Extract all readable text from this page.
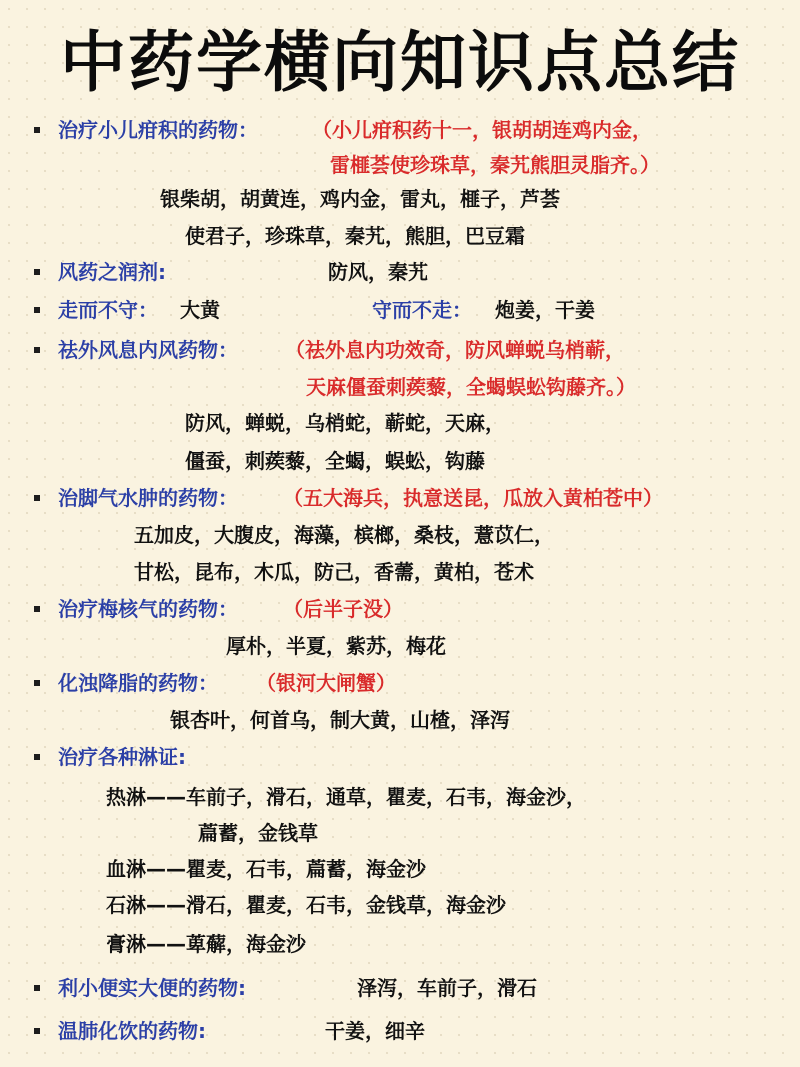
中药学横向知识点总结
治疗小儿疳积的药物：	（小儿疳积药十一，银胡胡连鸡内金，
雷榧荟使珍珠草，秦艽熊胆灵脂齐。）
银柴胡，胡黄连，鸡内金，雷丸，榧子，芦荟
使君子，珍珠草，秦艽，熊胆，巴豆霜
风药之润剂:	防风，秦艽
走而不守： 大黄	守而不走： 炮姜，干姜
祛外风息内风药物： （祛外息内功效奇，防风蝉蜕乌梢蕲，
天麻僵蚕刺蒺藜，全蝎蜈蚣钩藤齐。）
防风，蝉蜕，乌梢蛇，蕲蛇，天麻，
僵蚕，刺蒺藜，全蝎，蜈蚣，钩藤
治脚气水肿的药物： （五大海兵，执意送昆，瓜放入黄柏苍中）
五加皮，大腹皮，海藻，槟榔，桑枝，薏苡仁，
甘松，昆布，木瓜，防己，香薷，黄柏，苍术
治疗梅核气的药物： （后半子没）
厚朴，半夏，紫苏，梅花
化浊降脂的药物： （银河大闸蟹）
银杏叶，何首乌，制大黄，山楂，泽泻
治疗各种淋证:
热淋——车前子，滑石，通草，瞿麦，石韦，海金沙，
萹蓄，金钱草
血淋——瞿麦，石韦，萹蓄，海金沙
石淋——滑石，瞿麦，石韦，金钱草，海金沙
膏淋——萆薢，海金沙
利小便实大便的药物:	泽泻，车前子，滑石
温肺化饮的药物:	干姜，细辛
